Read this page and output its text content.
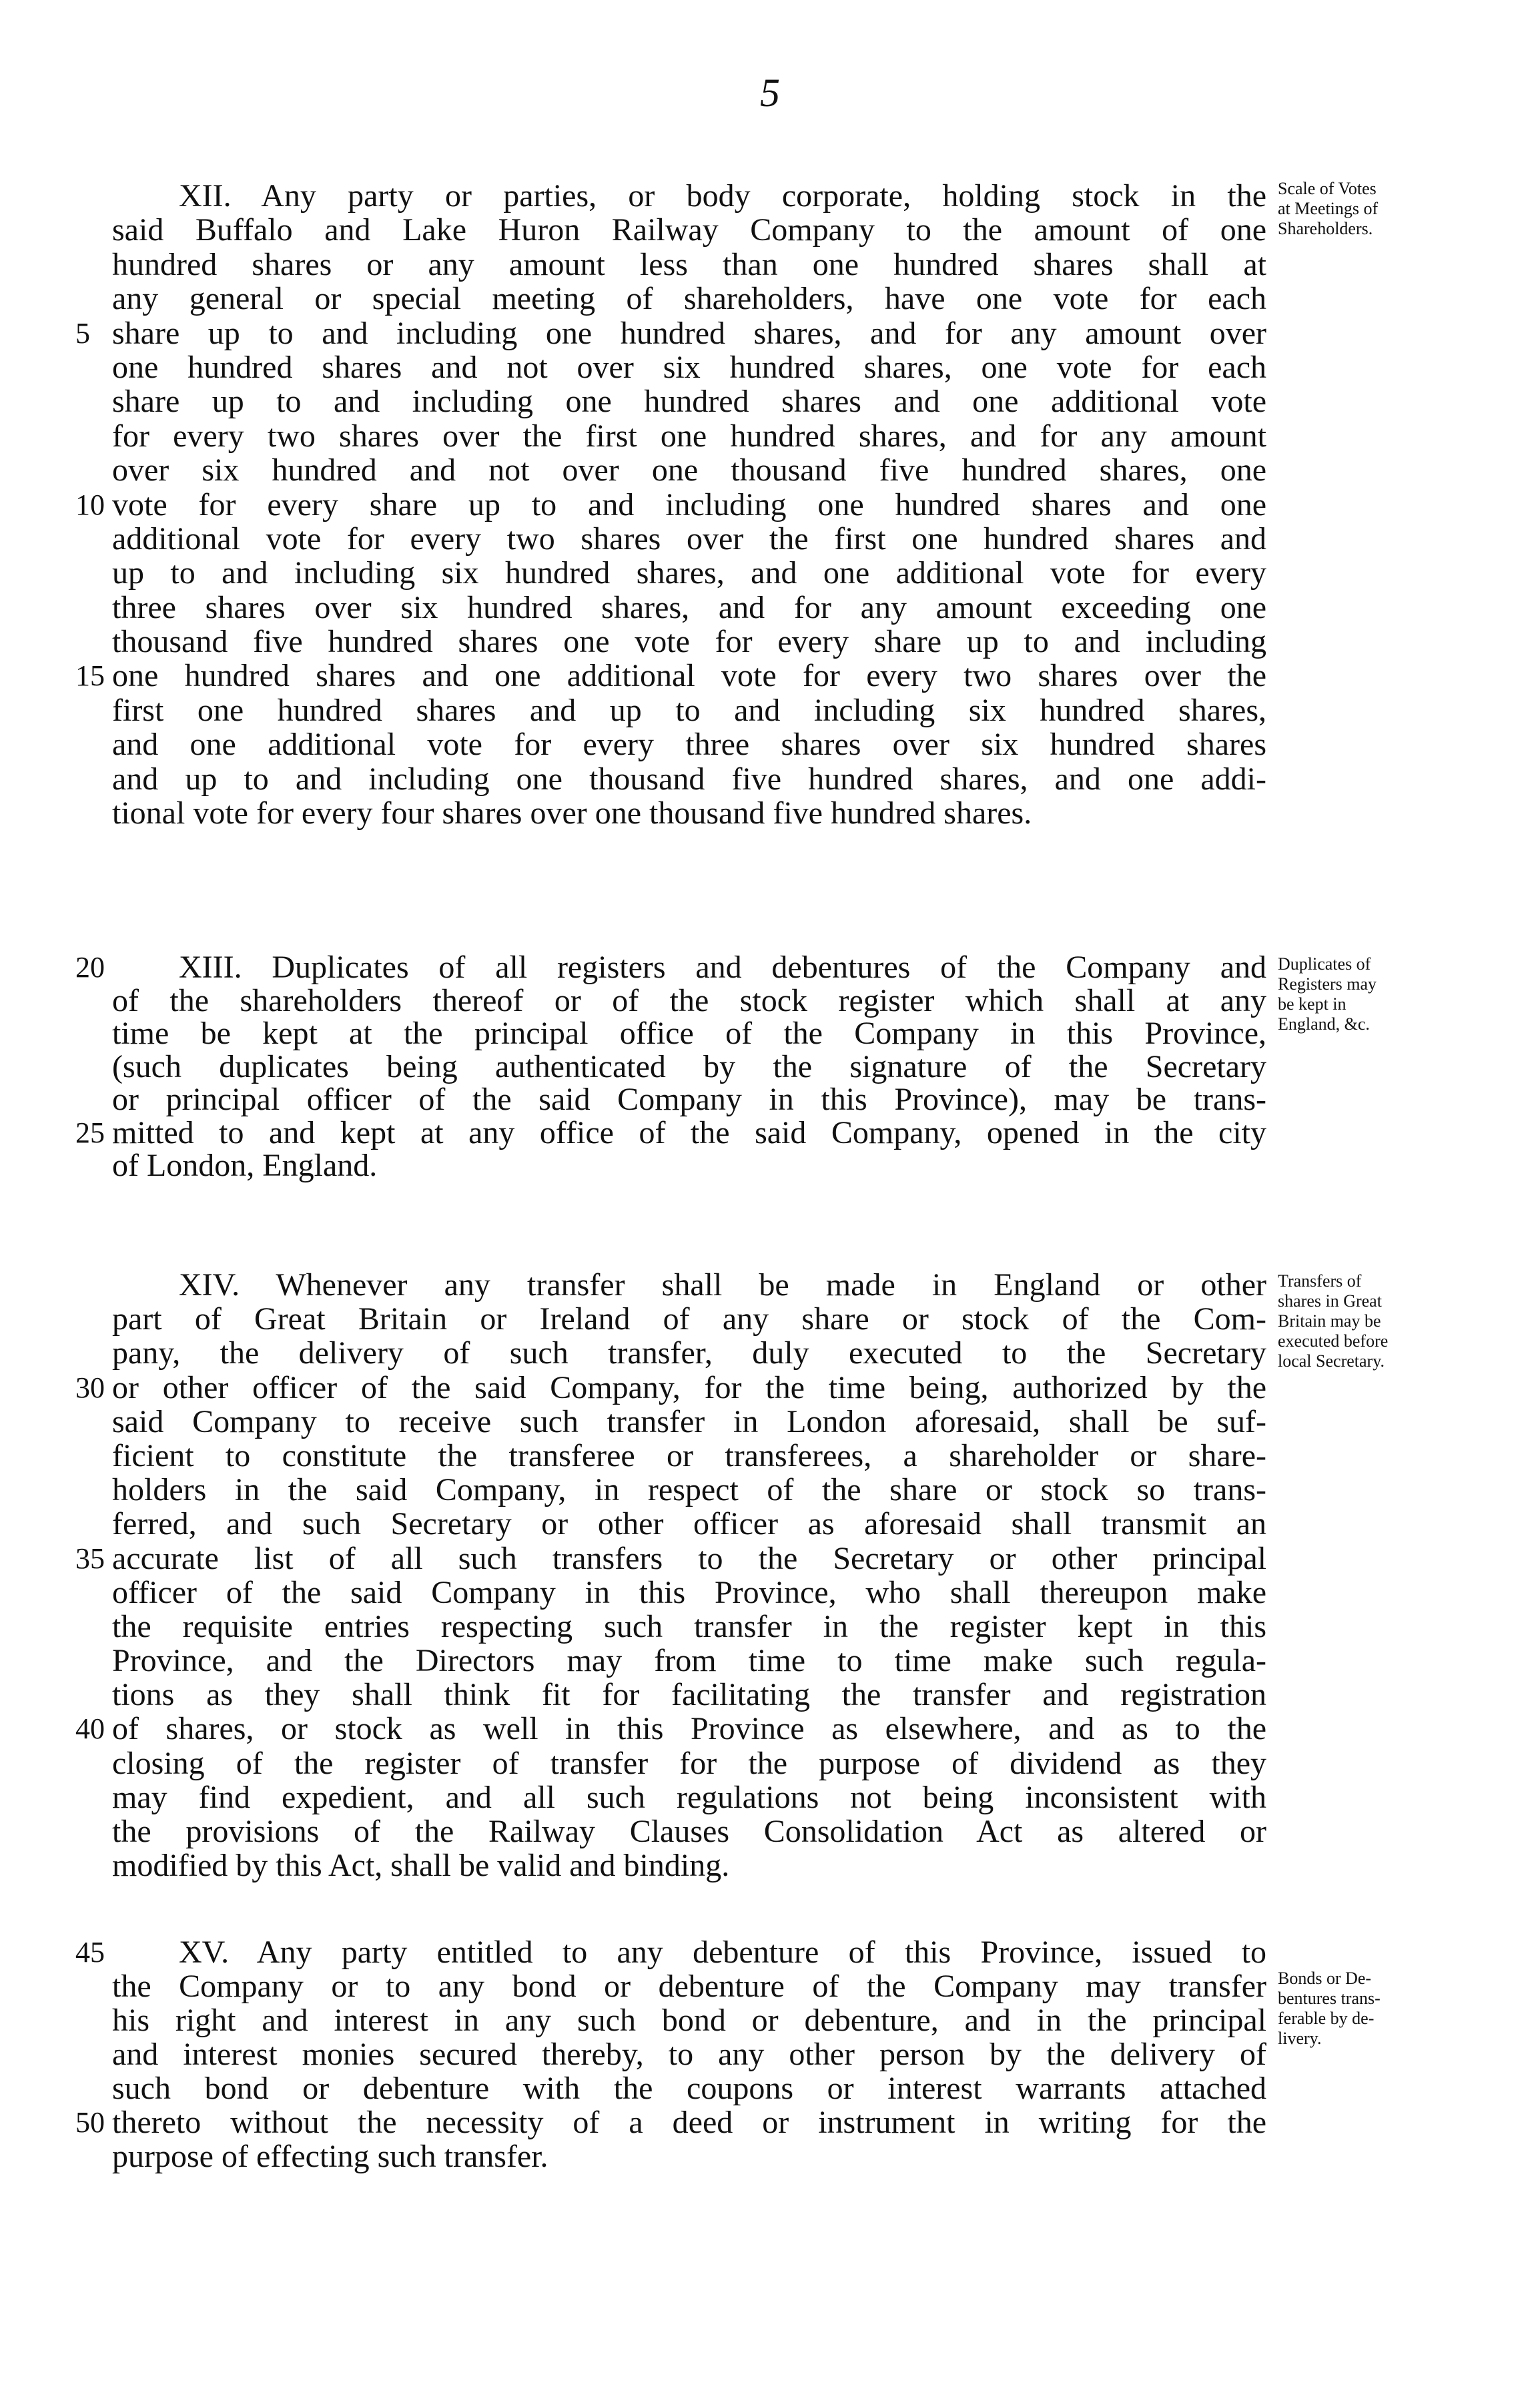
5
XII. Any party or parties, or body corporate, holding stock in the
said Buffalo and Lake Huron Railway Company to the amount of one
hundred shares or any amount less than one hundred shares shall at
any general or special meeting of shareholders, have one vote for each
share up to and including one hundred shares, and for any amount over
5
one hundred shares and not over six hundred shares, one vote for each
share up to and including one hundred shares and one additional vote
for every two shares over the first one hundred shares, and for any amount
over six hundred and not over one thousand five hundred shares, one
vote for every share up to and including one hundred shares and one
10
additional vote for every two shares over the first one hundred shares and
up to and including six hundred shares, and one additional vote for every
three shares over six hundred shares, and for any amount exceeding one
thousand five hundred shares one vote for every share up to and including
one hundred shares and one additional vote for every two shares over the
15
first one hundred shares and up to and including six hundred shares,
and one additional vote for every three shares over six hundred shares
and up to and including one thousand five hundred shares, and one addi-
tional vote for every four shares over one thousand five hundred shares.
XIII. Duplicates of all registers and debentures of the Company and
20
of the shareholders thereof or of the stock register which shall at any
time be kept at the principal office of the Company in this Province,
(such duplicates being authenticated by the signature of the Secretary
or principal officer of the said Company in this Province), may be trans-
mitted to and kept at any office of the said Company, opened in the city
25
of London, England.
XIV. Whenever any transfer shall be made in England or other
part of Great Britain or Ireland of any share or stock of the Com-
pany, the delivery of such transfer, duly executed to the Secretary
or other officer of the said Company, for the time being, authorized by the
30
said Company to receive such transfer in London aforesaid, shall be suf-
ficient to constitute the transferee or transferees, a shareholder or share-
holders in the said Company, in respect of the share or stock so trans-
ferred, and such Secretary or other officer as aforesaid shall transmit an
accurate list of all such transfers to the Secretary or other principal
35
officer of the said Company in this Province, who shall thereupon make
the requisite entries respecting such transfer in the register kept in this
Province, and the Directors may from time to time make such regula-
tions as they shall think fit for facilitating the transfer and registration
of shares, or stock as well in this Province as elsewhere, and as to the
40
closing of the register of transfer for the purpose of dividend as they
may find expedient, and all such regulations not being inconsistent with
the provisions of the Railway Clauses Consolidation Act as altered or
modified by this Act, shall be valid and binding.
XV. Any party entitled to any debenture of this Province, issued to
45
the Company or to any bond or debenture of the Company may transfer
his right and interest in any such bond or debenture, and in the principal
and interest monies secured thereby, to any other person by the delivery of
such bond or debenture with the coupons or interest warrants attached
thereto without the necessity of a deed or instrument in writing for the
50
purpose of effecting such transfer.
Scale of Votes
at Meetings of
Shareholders.
Duplicates of
Registers may
be kept in
England, &c.
Transfers of
shares in Great
Britain may be
executed before
local Secretary.
Bonds or De-
bentures trans-
ferable by de-
livery.
